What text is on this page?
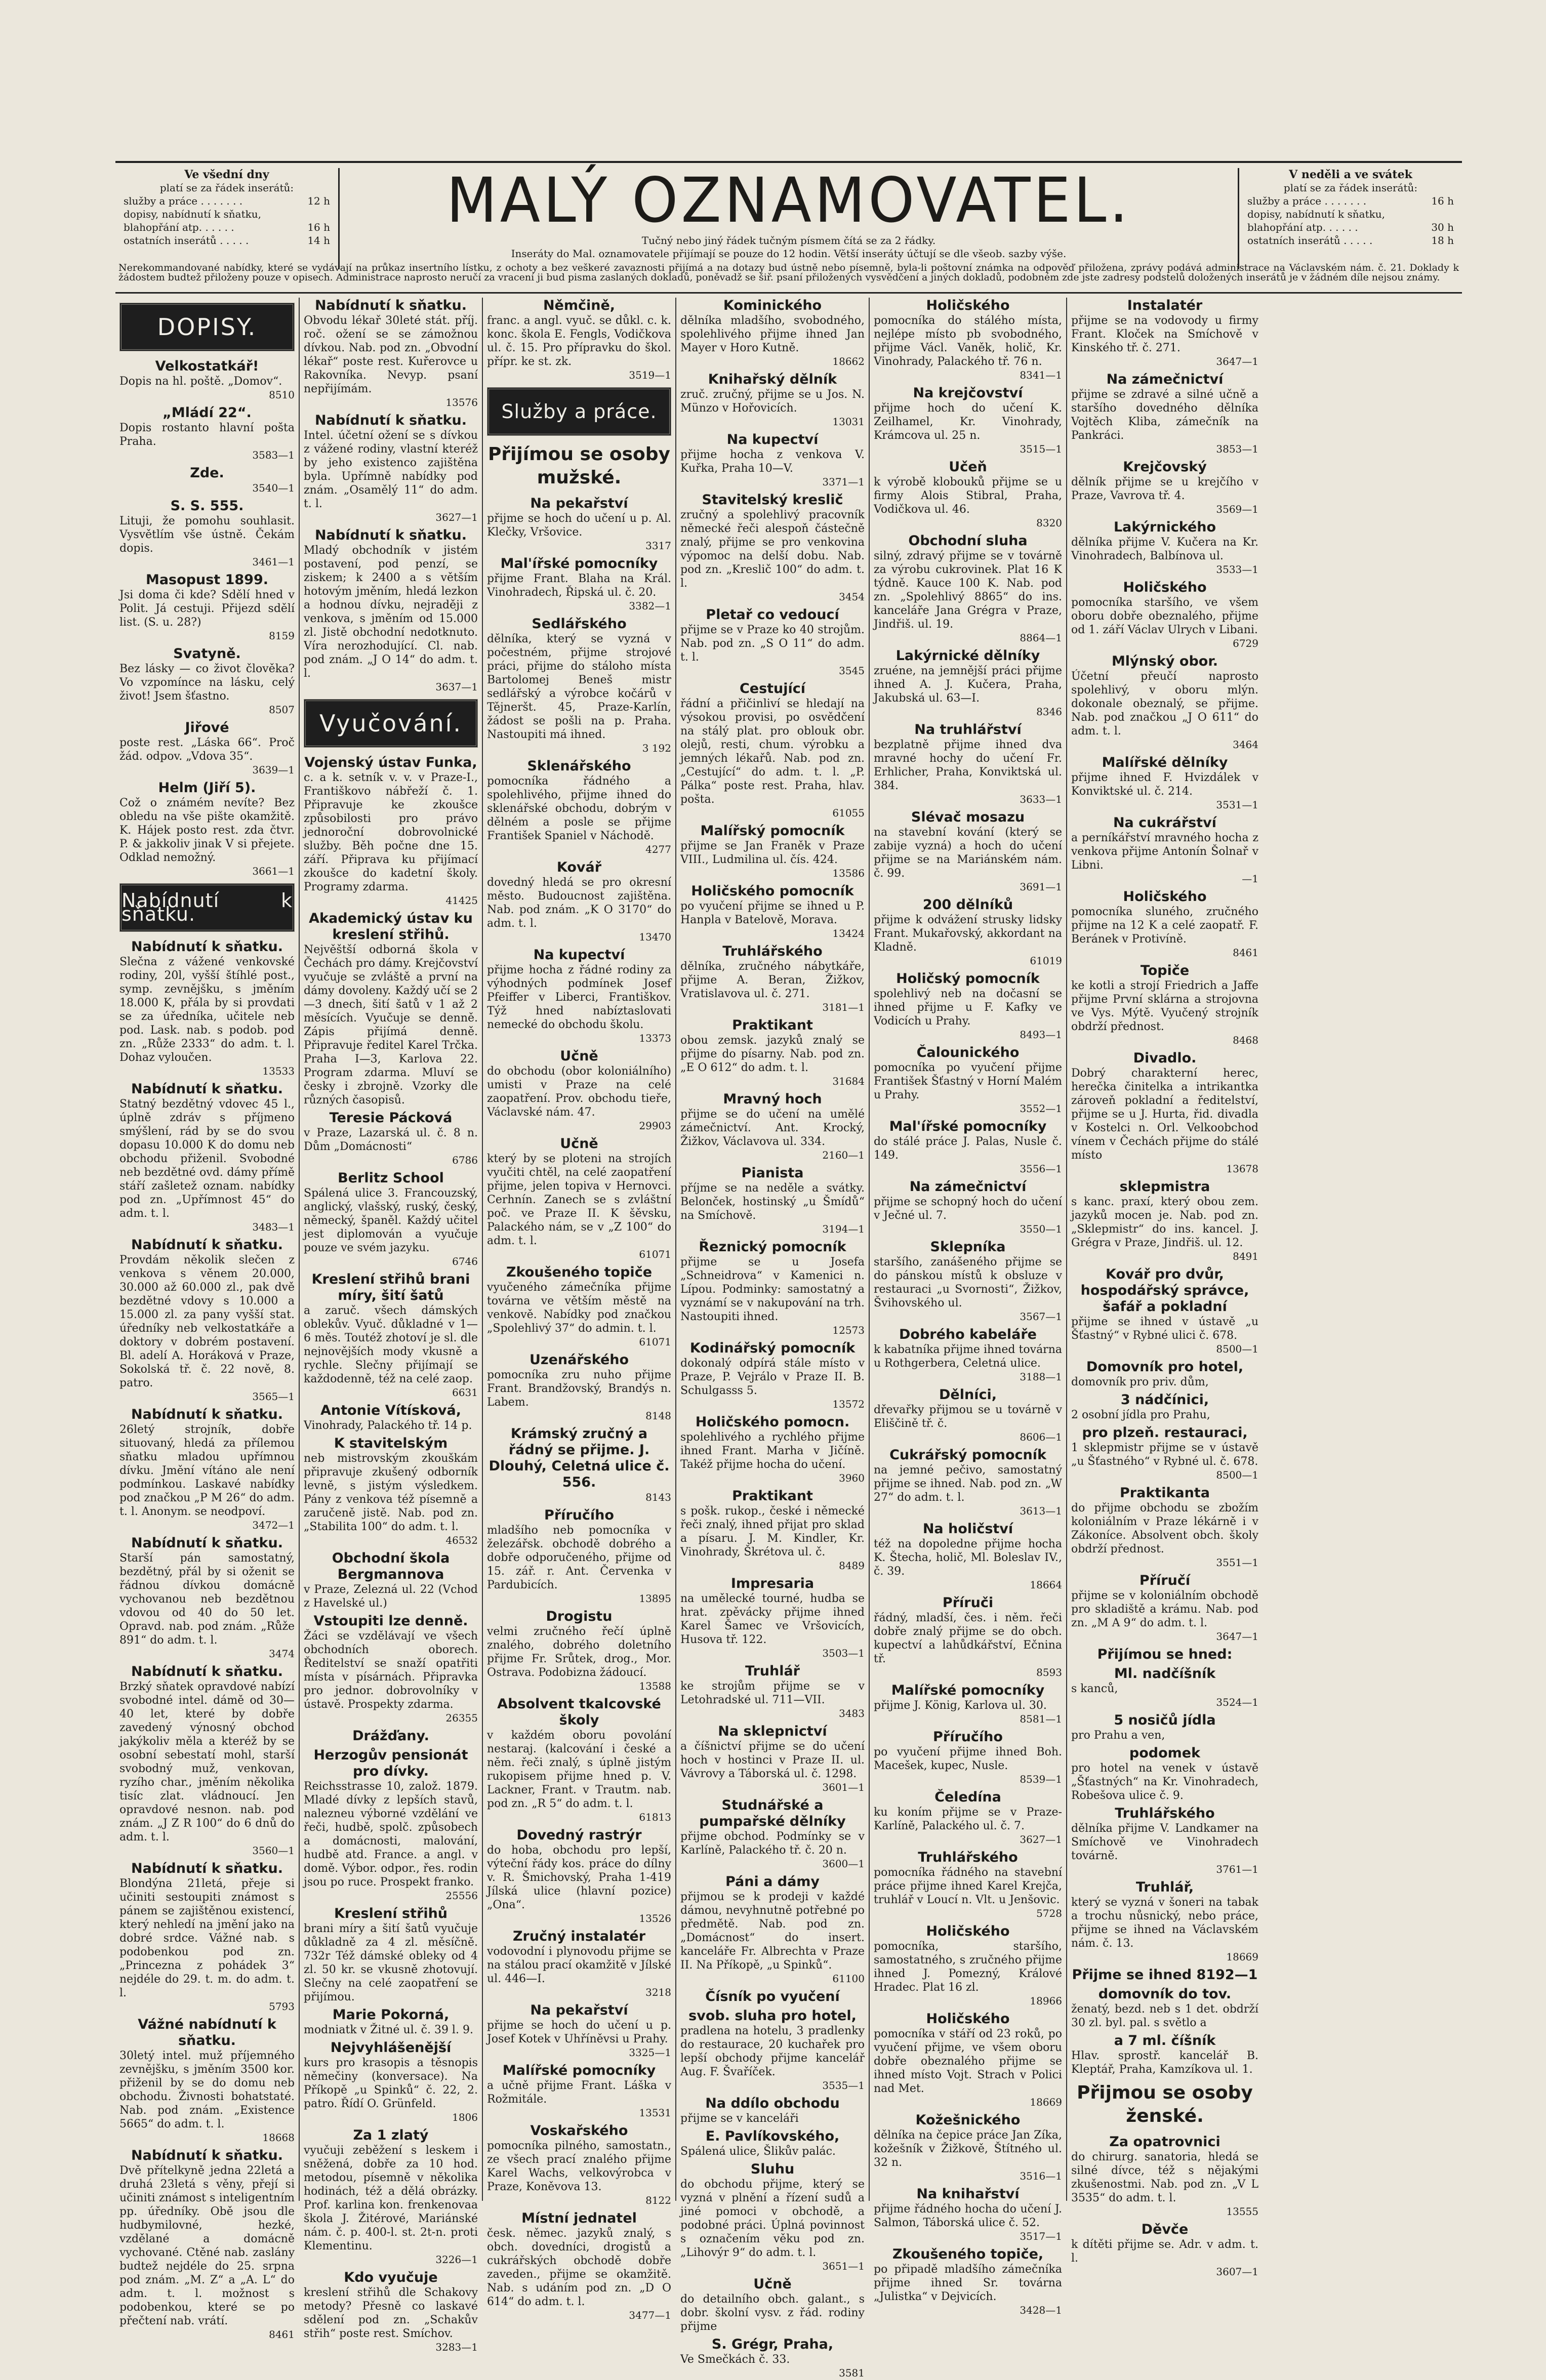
Ve všední dny
platí se za řádek inserátů:
služby a práce . . . . . . .	12 h
dopisy, nabídnutí k sňatku,
blahopřání atp. . . . . .	16 h
ostatních inserátů . . . . .	14 h
MALÝ OZNAMOVATEL.
Tučný nebo jiný řádek tučným písmem čítá se za 2 řádky.
Inseráty do Mal. oznamovatele přijímají se pouze do 12 hodin. Větší inseráty účtují se dle všeob. sazby výše.
V neděli a ve svátek
platí se za řádek inserátů:
služby a práce . . . . . . .	16 h
dopisy, nabídnutí k sňatku,
blahopřání atp. . . . . .	30 h
ostatních inserátů . . . . .	18 h
Nerekommandované nabídky, které se vydávají na průkaz insertního lístku, z ochoty a bez veškeré zavaznosti přijímá a na dotazy bud ústně nebo písemně, byla-li poštovní známka na odpověď přiložena, zprávy podává administrace na Václavském nám. č. 21. Doklady k žádostem budtež přiloženy pouze v opisech. Administrace naprosto neručí za vracení ji bud pisma zaslaných dokladů, poněvadž se šiř. psaní přiložených vysvědčení a jiných dokladů, podobném zde jste zadresy podstelů doložených inserátů je v žádném díle nejsou známy.
DOPISY.
Velkostatkář!
Dopis na hl. poště. „Domov“.
8510
„Mládí 22“.
Dopis rostanto hlavní pošta Praha.
3583—1
Zde.
3540—1
S. S. 555.
Lituji, že pomohu souhlasit. Vysvětlím vše ústně. Čekám dopis.
3461—1
Masopust 1899.
Jsi doma či kde? Sdělí hned v Polit. Já cestuji. Přijezd sdělí list. (S. u. 28?)
8159
Svatyně.
Bez lásky — co život člověka? Vo vzpomínce na lásku, celý život! Jsem šťastno.
8507
Jiřové
poste rest. „Láska 66“. Proč žád. odpov. „Vdova 35“.
3639—1
Helm (Jiří 5).
Což o známém nevíte? Bez obledu na vše pište okamžitě. K. Hájek posto rest. zda čtvr. P. & jakkoliv jinak V si přejete. Odklad nemožný.
3661—1
Nabídnutí k sňatku.
Nabídnutí k sňatku.
Slečna z vážené venkovské rodiny, 20l, vyšší štíhlé post., symp. zevnějšku, s jměním 18.000 K, přála by si provdati se za úředníka, učitele neb pod. Lask. nab. s podob. pod zn. „Růže 2333“ do adm. t. l. Dohaz vyloučen.
13533
Nabídnutí k sňatku.
Statný bezdětný vdovec 45 l., úplně zdráv s příjmeno smýšlení, rád by se do svou dopasu 10.000 K do domu neb obchodu přiženil. Svobodné neb bezdětné ovd. dámy přímě stáří zašletež oznam. nabídky pod zn. „Upřímnost 45“ do adm. t. l.
3483—1
Nabídnutí k sňatku.
Provdám několik slečen z venkova s věnem 20.000, 30.000 až 60.000 zl., pak dvě bezdětné vdovy s 10.000 a 15.000 zl. za pany vyšší stat. úředníky neb velkostatkáře a doktory v dobrém postavení. Bl. adelí A. Horáková v Praze, Sokolská tř. č. 22 nově, 8. patro.
3565—1
Nabídnutí k sňatku.
26letý strojník, dobře situovaný, hledá za přílemou sňatku mladou upřímnou dívku. Jmění vítáno ale není podmínkou. Laskavé nabídky pod značkou „P M 26“ do adm. t. l. Anonym. se neodpoví.
3472—1
Nabídnutí k sňatku.
Starší pán samostatný, bezdětný, přál by si oženit se řádnou dívkou domácně vychovanou neb bezdětnou vdovou od 40 do 50 let. Opravd. nab. pod znám. „Růže 891“ do adm. t. l.
3474
Nabídnutí k sňatku.
Brzký sňatek opravdové nabízí svobodné intel. dámě od 30—40 let, které by dobře zavedený výnosný obchod jakýkoliv měla a kteréž by se osobní sebestatí mohl, starší svobodný muž, venkovan, ryzího char., jměním několika tisíc zlat. vládnoucí. Jen opravdové nesnon. nab. pod znám. „J Z R 100“ do 6 dnů do adm. t. l.
3560—1
Nabídnutí k sňatku.
Blondýna 21letá, přeje si učiniti sestoupiti známost s pánem se zajištěnou existencí, který nehledí na jmění jako na dobré srdce. Vážné nab. s podobenkou pod zn. „Princezna z pohádek 3“ nejdéle do 29. t. m. do adm. t. l.
5793
Vážné nabídnutí k sňatku.
30letý intel. muž příjemného zevnějšku, s jměním 3500 kor. přiženil by se do domu neb obchodu. Živnosti bohatstaté. Nab. pod znám. „Existence 5665“ do adm. t. l.
18668
Nabídnutí k sňatku.
Dvě přítelkyně jedna 22letá a druhá 23letá s věny, přejí si učiniti známost s inteligentním pp. úředníky. Obě jsou dle hudbymilovné, hezké, vzdělané a domácně vychované. Ctěné nab. zaslány budtež nejdéle do 25. srpna pod znám. „M. Z“ a „A. L“ do adm. t. l. možnost s podobenkou, které se po přečtení nab. vrátí.
8461
Nabídnutí k sňatku.
Obvodu lékař 30leté stát. příj. roč. ožení se se zámožnou dívkou. Nab. pod zn. „Obvodní lékař“ poste rest. Kuřerovce u Rakovníka. Nevyp. psaní nepřijímám.
13576
Nabídnutí k sňatku.
Intel. účetní ožení se s dívkou z vážené rodiny, vlastní kteréž by jeho existenco zajištěna byla. Upřímně nabídky pod znám. „Osamělý 11“ do adm. t. l.
3627—1
Nabídnutí k sňatku.
Mladý obchodník v jistém postavení, pod penzí, se ziskem; k 2400 a s větším hotovým jměním, hledá lezkon a hodnou dívku, nejraději z venkova, s jměním od 15.000 zl. Jistě obchodní nedotknuto. Víra nerozhodující. Cl. nab. pod znám. „J O 14“ do adm. t. l.
3637—1
Vyučování.
Vojenský ústav Funka,
c. a k. setník v. v. v Praze-I., Františkovo nábřeží č. 1. Připravuje ke zkoušce způsobilosti pro právo jednoroční dobrovolnické služby. Běh počne dne 15. září. Připrava ku přijímací zkoušce do kadetní školy. Programy zdarma.
41425
Akademický ústav ku kreslení střihů.
Nejvěštší odborná škola v Čechách pro dámy. Krejčovství vyučuje se zvláště a první na dámy dovoleny. Každý učí se 2—3 dnech, šití šatů v 1 až 2 měsících. Vyučuje se denně. Zápis přijímá denně. Připravuje ředitel Karel Trčka. Praha I—3, Karlova 22. Program zdarma. Mluví se česky i zbrojně. Vzorky dle různých časopisů.
Teresie Pácková
v Praze, Lazarská ul. č. 8 n. Dům „Domácnosti“
6786
Berlitz School
Spálená ulice 3. Francouzský, anglický, vlašský, ruský, český, německý, španěl. Každý učitel jest diplomován a vyučuje pouze ve svém jazyku.
6746
Kreslení střihů brani míry, šití šatů
a zaruč. všech dámských oblekův. Vyuč. důkladné v 1—6 měs. Toutéž zhotoví je sl. dle nejnovějších mody vkusně a rychle. Slečny přijímají se každodenně, též na celé zaop.
6631
Antonie Vítísková,
Vinohrady, Palackého tř. 14 p.
K stavitelským
neb mistrovským zkouškám připravuje zkušený odborník levně, s jistým výsledkem. Pány z venkova též písemně a zaručeně jistě. Nab. pod zn. „Stabilita 100“ do adm. t. l.
46532
Obchodní škola Bergmannova
v Praze, Zelezná ul. 22 (Vchod z Havelské ul.)
Vstoupiti lze denně.
Žáci se vzdělávají ve všech obchodních oborech. Ředitelství se snaží opatřiti místa v písárnách. Připravka pro jednor. dobrovolníky v ústavě. Prospekty zdarma.
26355
Drážďany.
Herzogův pensionát pro dívky.
Reichsstrasse 10, založ. 1879. Mladé dívky z lepších stavů, nalezneu výborné vzdělání ve řeči, hudbě, spolč. způsobech a domácnosti, malování, hudbě atd. France. a angl. v domě. Výbor. odpor., řes. rodin jsou po ruce. Prospekt franko.
25556
Kreslení střihů
brani míry a šití šatů vyučuje důkladně za 4 zl. měsíčně. 732r Též dámské obleky od 4 zl. 50 kr. se vkusně zhotovují. Slečny na celé zaopatření se přijímou.
Marie Pokorná,
modniatk v Žitné ul. č. 39 l. 9.
Nejvyhlášenější
kurs pro krasopis a těsnopis němečiny (konversace). Na Příkopě „u Spinků“ č. 22, 2. patro. Řídí O. Grünfeld.
1806
Za 1 zlatý
vyučuji zeběžení s leskem i sněžená, dobře za 10 hod. metodou, písemně v několika hodinách, též a dělá obrázky. Prof. karlina kon. frenkenovaa škola J. Žitérové, Mariánské nám. č. p. 400-l. st. 2t-n. proti Klementinu.
3226—1
Kdo vyučuje
kreslení střihů dle Schakovy metody? Přesně co laskavé sdělení pod zn. „Schakův střih“ poste rest. Smíchov.
3283—1
Němčině,
franc. a angl. vyuč. se důkl. c. k. konc. škola E. Fengls, Vodičkova ul. č. 15. Pro přípravku do škol. přípr. ke st. zk.
3519—1
Služby a práce.
Přijímou se osoby mužské.
Na pekařství
přijme se hoch do učení u p. Al. Klečky, Vršovice.
3317
Mal'ířské pomocníky
přijme Frant. Blaha na Král. Vinohradech, Řipská ul. č. 20.
3382—1
Sedlářského
dělníka, který se vyzná v počestném, přijme strojové práci, přijme do stáloho místa Bartolomej Beneš mistr sedlářský a výrobce kočárů v Tějneršt. 45, Praze-Karlín, žádost se pošli na p. Praha. Nastoupiti má ihned.
3 192
Sklenářského
pomocníka řádného a spolehlivého, přijme ihned do sklenářské obchodu, dobrým v dělném a posle se přijme František Spaniel v Náchodě.
4277
Kovář
dovedný hledá se pro okresní město. Budoucnost zajištěna. Nab. pod znám. „K O 3170“ do adm. t. l.
13470
Na kupectví
přijme hocha z řádné rodiny za výhodných podmínek Josef Pfeiffer v Liberci, Františkov. Týž hned nabíztaslovati nemecké do obchodu školu.
13373
Učně
do obchodu (obor koloniálního) umisti v Praze na celé zaopatření. Prov. obchodu tieře, Václavské nám. 47.
29903
Učně
který by se ploteni na strojích vyučiti chtěl, na celé zaopatření přijme, jelen topiva v Hernovci. Cerhnín. Zanech se s zvláštní poč. ve Praze II. K šěvsku, Palackého nám, se v „Z 100“ do adm. t. l.
61071
Zkoušeného topiče
vyučeného zámečníka přijme továrna ve větším městě na venkově. Nabídky pod značkou „Spolehlivý 37“ do admin. t. l.
61071
Uzenářského
pomocníka zru nuho přijme Frant. Brandžovský, Brandýs n. Labem.
8148
Krámský zručný a řádný se přijme. J. Dlouhý, Celetná ulice č. 556.
8143
Příručího
mladšího neb pomocníka v železářsk. obchodě dobrého a dobře odporučeného, přijme od 15. zář. r. Ant. Červenka v Pardubicích.
13895
Drogistu
velmi zručného řečí úplně znalého, dobrého doletního přijme Fr. Srůtek, drog., Mor. Ostrava. Podobizna žádoucí.
13588
Absolvent tkalcovské školy
v každém oboru povolání nestaraj. (kalcování i české a něm. řeči znalý, s úplně jistým rukopisem přijme hned p. V. Lackner, Frant. v Trautm. nab. pod zn. „R 5“ do adm. t. l.
61813
Dovedný rastrýr
do hoba, obchodu pro lepší, výteční řády kos. práce do dílny v. R. Šmichovský, Praha 1-419 Jílská ulice (hlavní pozice) „Ona“.
13526
Zručný instalatér
vodovodní i plynovodu přijme se na stálou prací okamžitě v Jílské ul. 446—I.
3218
Na pekařství
přijme se hoch do učení u p. Josef Kotek v Uhříněvsi u Prahy.
3325—1
Malířské pomocníky
a učně přijme Frant. Láška v Rožmitále.
13531
Voskařského
pomocníka pilného, samostatn., ze všech prací znalého přijme Karel Wachs, velkovýrobca v Praze, Koněvova 13.
8122
Místní jednatel
česk. němec. jazyků znalý, s obch. dovedníci, drogistů a cukrářských obchodě dobře zaveden., přijme se okamžitě. Nab. s udáním pod zn. „D O 614“ do adm. t. l.
3477—1
Kominického
dělníka mladšího, svobodného, spolehlivého přijme ihned Jan Mayer v Horo Kutně.
18662
Knihařský dělník
zruč. zručný, přijme se u Jos. N. Münzo v Hořovicích.
13031
Na kupectví
přijme hocha z venkova V. Kuřka, Praha 10—V.
3371—1
Stavitelský kreslič
zručný a spolehlivý pracovník německé řeči alespoň částečně znalý, přijme se pro venkovina výpomoc na delší dobu. Nab. pod zn. „Kreslič 100“ do adm. t. l.
3454
Pletař co vedoucí
přijme se v Praze ko 40 strojům. Nab. pod zn. „S O 11“ do adm. t. l.
3545
Cestující
řádní a přičinliví se hledají na výsokou provisi, po osvědčení na stálý plat. pro oblouk obr. olejů, resti, chum. výrobku a jemných lékařů. Nab. pod zn. „Cestující“ do adm. t. l. „P. Pálka“ poste rest. Praha, hlav. pošta.
61055
Malířský pomocník
přijme se Jan Franěk v Praze VIII., Ludmilina ul. čís. 424.
13586
Holičského pomocník
po vyučení přijme se ihned u P. Hanpla v Batelově, Morava.
13424
Truhlářského
dělníka, zručného nábytkáře, přijme A. Beran, Žižkov, Vratislavova ul. č. 271.
3181—1
Praktikant
obou zemsk. jazyků znalý se přijme do písarny. Nab. pod zn. „E O 612“ do adm. t. l.
31684
Mravný hoch
přijme se do učení na umělé zámečnictví. Ant. Krocký, Žižkov, Václavova ul. 334.
2160—1
Pianista
příjme se na neděle a svátky. Belonček, hostinský „u Šmídů“ na Smíchově.
3194—1
Řeznický pomocník
přijme se u Josefa „Schneidrova“ v Kamenici n. Lípou. Podminky: samostatný a vyznámí se v nakupování na trh. Nastoupiti ihned.
12573
Kodinářský pomocník
dokonalý odpírá stále místo v Praze, P. Vejrálo v Praze II. B. Schulgasss 5.
13572
Holičského pomocn.
spolehlivého a rychlého přijme ihned Frant. Marha v Jičíně. Takéž přijme hocha do učení.
3960
Praktikant
s pošk. rukop., české i německé řeči znalý, ihned přijat pro sklad a písaru. J. M. Kindler, Kr. Vinohrady, Škrétova ul. č.
8489
Impresaria
na umělecké tourné, hudba se hrat. zpěvácky přijme ihned Karel Šamec ve Vršovicích, Husova tř. 122.
3503—1
Truhlář
ke strojům přijme se v Letohradské ul. 711—VII.
3483
Na sklepnictví
a číšnictví přijme se do učení hoch v hostinci v Praze II. ul. Vávrovy a Táborská ul. č. 1298.
3601—1
Studnářské a pumpařské dělníky
přijme obchod. Podmínky se v Karlíně, Palackého tř. č. 20 n.
3600—1
Páni a dámy
přijmou se k prodeji v každé dámou, nevyhnutně potřebné po předmětě. Nab. pod zn. „Domácnost“ do insert. kanceláře Fr. Albrechta v Praze II. Na Příkopě, „u Spinků“.
61100
Čísník po vyučení
svob. sluha pro hotel,
pradlena na hotelu, 3 pradlenky do restaurace, 20 kuchařek pro lepší obchody přijme kancelář Aug. F. Švaříček.
3535—1
Na ddílo obchodu
přijme se v kanceláři
E. Pavlíkovského,
Spálená ulice, Šlikův palác.
Sluhu
do obchodu přijme, který se vyzná v plnění a řízení sudů a jiné pomoci v obchodě, a podobné práci. Úplná povinnost s označením věku pod zn. „Lihovýr 9“ do adm. t. l.
3651—1
Učně
do detailního obch. galant., s dobr. školní vysv. z řád. rodiny přijme
S. Grégr, Praha,
Ve Smečkách č. 33.
3581
Holičského
pomocníka do stálého místa, nejlépe místo pb svobodného, přijme Václ. Vaněk, holič, Kr. Vinohrady, Palackého tř. 76 n.
8341—1
Na krejčovství
přijme hoch do učení K. Zeilhamel, Kr. Vinohrady, Krámcova ul. 25 n.
3515—1
Učeň
k výrobě klobouků přijme se u firmy Alois Stibral, Praha, Vodičkova ul. 46.
8320
Obchodní sluha
silný, zdravý přijme se v továrně za výrobu cukrovinek. Plat 16 K týdně. Kauce 100 K. Nab. pod zn. „Spolehlivý 8865“ do ins. kanceláře Jana Grégra v Praze, Jindřiš. ul. 19.
8864—1
Lakýrnické dělníky
zruéne, na jemnější práci přijme ihned A. J. Kučera, Praha, Jakubská ul. 63—I.
8346
Na truhlářství
bezplatně přijme ihned dva mravné hochy do učení Fr. Erhlicher, Praha, Konviktská ul. 384.
3633—1
Slévač mosazu
na stavební kování (který se zabije vyzná) a hoch do učení přijme se na Mariánském nám. č. 99.
3691—1
200 dělníků
přijme k odvážení strusky lidsky Frant. Mukařovský, akkordant na Kladně.
61019
Holičský pomocník
spolehlivý neb na dočasní se ihned přijme u F. Kafky ve Vodicích u Prahy.
8493—1
Čalounického
pomocníka po vyučení přijme František Šťastný v Horní Malém u Prahy.
3552—1
Mal'ířské pomocníky
do stálé práce J. Palas, Nusle č. 149.
3556—1
Na zámečnictví
přijme se schopný hoch do učení v Ječné ul. 7.
3550—1
Sklepníka
staršího, zanášeného přijme se do pánskou místů k obsluze v restauraci „u Svornosti“, Žižkov, Švihovského ul.
3567—1
Dobrého kabeláře
k kabatníka přijme ihned továrna u Rothgerbera, Celetná ulice.
3188—1
Dělníci,
dřevařky přijmou se u továrně v Eliščině tř. č.
8606—1
Cukrářský pomocník
na jemné pečivo, samostatný přijme se ihned. Nab. pod zn. „W 27“ do adm. t. l.
3613—1
Na holičství
též na dopoledne přijme hocha K. Štecha, holič, Ml. Boleslav IV., č. 39.
18664
Příruči
řádný, mladší, čes. i něm. řeči dobře znalý přijme se do obch. kupectví a lahůdkářství, Ečnina tř.
8593
Malířské pomocníky
přijme J. König, Karlova ul. 30.
8581—1
Příručího
po vyučení přijme ihned Boh. Macešek, kupec, Nusle.
8539—1
Čeledína
ku koním přijme se v Praze-Karlíně, Palackého ul. č. 7.
3627—1
Truhlářského
pomocníka řádného na stavební práce přijme ihned Karel Krejča, truhlář v Loucí n. Vlt. u Jenšovic.
5728
Holičského
pomocníka, staršího, samostatného, s zručného přijme ihned J. Pomezný, Králové Hradec. Plat 16 zl.
18966
Holičského
pomocníka v stáří od 23 roků, po vyučení přijme, ve všem oboru dobře obeznalého přijme se ihned místo Vojt. Strach v Polici nad Met.
18669
Kožešnického
dělníka na čepice práce Jan Zíka, kožešník v Žižkově, Štítného ul. 32 n.
3516—1
Na knihařství
přijme řádného hocha do učení J. Salmon, Táborská ulice č. 52.
3517—1
Zkoušeného topiče,
po připadě mladšího zámečníka přijme ihned Sr. továrna „Julistka“ v Dejvicích.
3428—1
Instalatér
přijme se na vodovody u firmy Frant. Kloček na Smíchově v Kinského tř. č. 271.
3647—1
Na zámečnictví
přijme se zdravé a silné učně a staršího dovedného dělníka Vojtěch Kliba, zámečník na Pankráci.
3853—1
Krejčovský
dělník přijme se u krejčího v Praze, Vavrova tř. 4.
3569—1
Lakýrnického
dělníka přijme V. Kučera na Kr. Vinohradech, Balbínova ul.
3533—1
Holičského
pomocníka staršího, ve všem oboru dobře obeznalého, přijme od 1. září Václav Ulrych v Libani.
6729
Mlýnský obor.
Účetní přeučí naprosto spolehlivý, v oboru mlýn. dokonale obeznalý, se přijme. Nab. pod značkou „J O 611“ do adm. t. l.
3464
Malířské dělníky
přijme ihned F. Hvizdálek v Konviktské ul. č. 214.
3531—1
Na cukrářství
a perníkářství mravného hocha z venkova přijme Antonín Šolnař v Libni.
—1
Holičského
pomocníka sluného, zručného přijme na 12 K a celé zaopatř. F. Beránek v Protivíně.
8461
Topiče
ke kotli a strojí Friedrich a Jaffe přijme První sklárna a strojovna ve Vys. Mýtě. Vyučený strojník obdrží přednost.
8468
Divadlo.
Dobrý charakterní herec, herečka činitelka a intrikantka zároveň pokladní a ředitelství, přijme se u J. Hurta, řid. divadla v Kostelci n. Orl. Velkoobchod vínem v Čechách přijme do stálé místo
13678
sklepmistra
s kanc. praxí, který obou zem. jazyků mocen je. Nab. pod zn. „Sklepmistr“ do ins. kancel. J. Grégra v Praze, Jindřiš. ul. 12.
8491
Kovář pro dvůr, hospodářský správce, šafář a pokladní
přijme se ihned v ústavě „u Šťastný“ v Rybné ulici č. 678.
8500—1
Domovník pro hotel,
domovník pro priv. dům,
3 nádčínici,
2 osobní jídla pro Prahu,
pro plzeň. restauraci,
1 sklepmistr přijme se v ústavě „u Šťastného“ v Rybné ul. č. 678.
8500—1
Praktikanta
do přijme obchodu se zbožím koloniálním v Praze lékárně i v Zákoníce. Absolvent obch. školy obdrží přednost.
3551—1
Příručí
přijme se v koloniálním obchodě pro skladiště a krámu. Nab. pod zn. „M A 9“ do adm. t. l.
3647—1
Přijímou se hned:
Ml. nadčíšník
s kanců,
3524—1
5 nosičů jídla
pro Prahu a ven,
podomek
pro hotel na venek v ústavě „Šťastných“ na Kr. Vinohradech, Robešova ulice č. 9.
Truhlářského
dělníka přijme V. Landkamer na Smíchově ve Vinohradech továrně.
3761—1
Truhlář,
který se vyzná v šoneri na tabak a trochu nůsnický, nebo práce, přijme se ihned na Václavském nám. č. 13.
18669
Přijme se ihned 8192—1
domovník do tov.
ženatý, bezd. neb s 1 det. obdrží 30 zl. byl. pal. s světlo a
a 7 ml. číšník
Hlav. sprostř. kancelář B. Kleptář, Praha, Kamzíkova ul. 1.
Přijmou se osoby ženské.
Za opatrovnici
do chirurg. sanatoria, hledá se silné dívce, též s nějakými zkušenostmi. Nab. pod zn. „V L 3535“ do adm. t. l.
13555
Děvče
k dítěti přijme se. Adr. v adm. t. l.
3607—1
